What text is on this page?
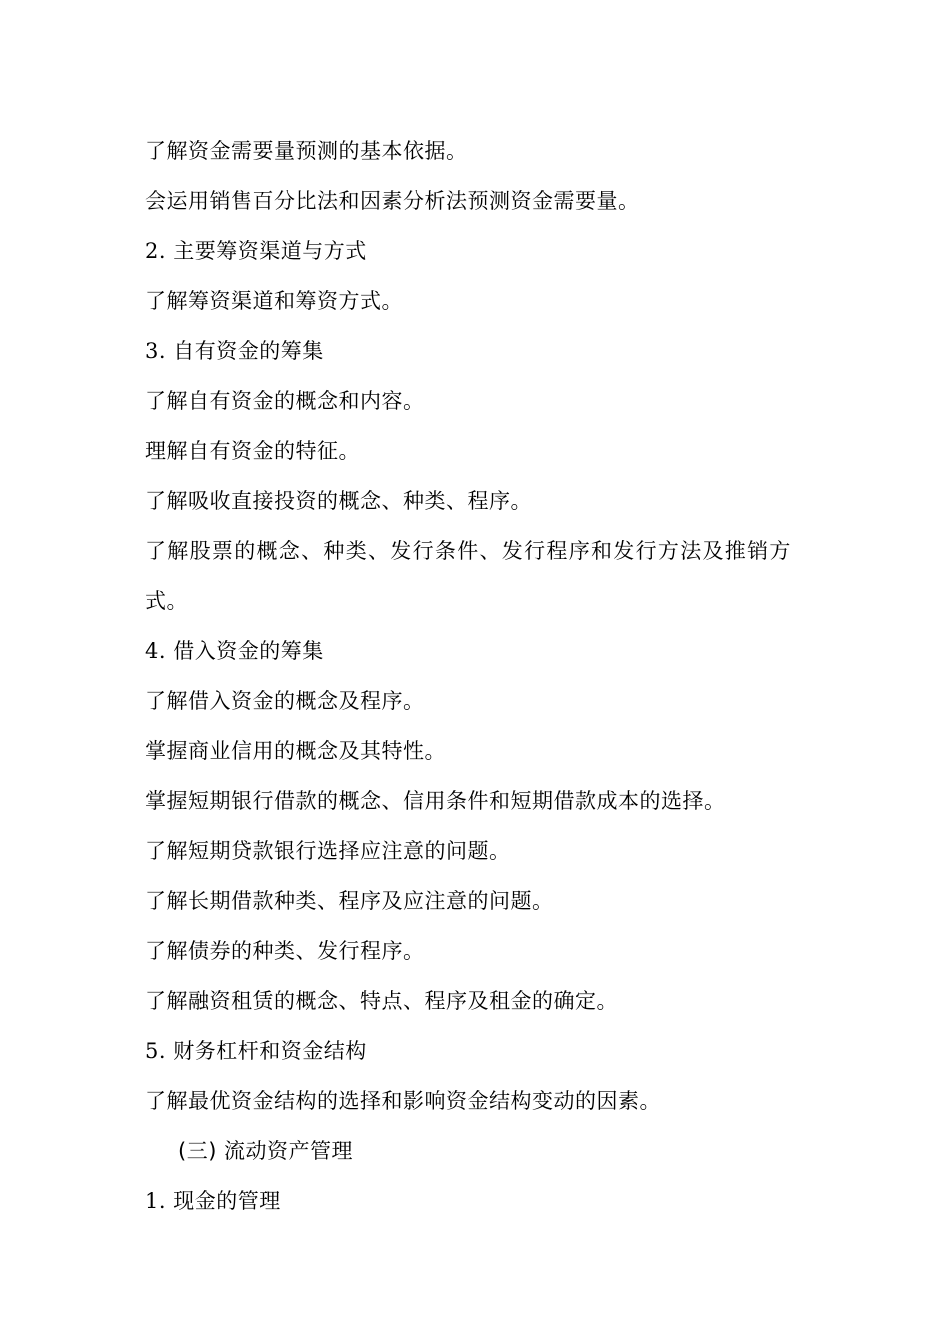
了解资金需要量预测的基本依据。
会运用销售百分比法和因素分析法预测资金需要量。
2. 主要筹资渠道与方式
了解筹资渠道和筹资方式。
3. 自有资金的筹集
了解自有资金的概念和内容。
理解自有资金的特征。
了解吸收直接投资的概念、种类、程序。
了解股票的概念、种类、发行条件、发行程序和发行方法及推销方
式。
4. 借入资金的筹集
了解借入资金的概念及程序。
掌握商业信用的概念及其特性。
掌握短期银行借款的概念、信用条件和短期借款成本的选择。
了解短期贷款银行选择应注意的问题。
了解长期借款种类、程序及应注意的问题。
了解债券的种类、发行程序。
了解融资租赁的概念、特点、程序及租金的确定。
5. 财务杠杆和资金结构
了解最优资金结构的选择和影响资金结构变动的因素。
(三) 流动资产管理
1. 现金的管理
